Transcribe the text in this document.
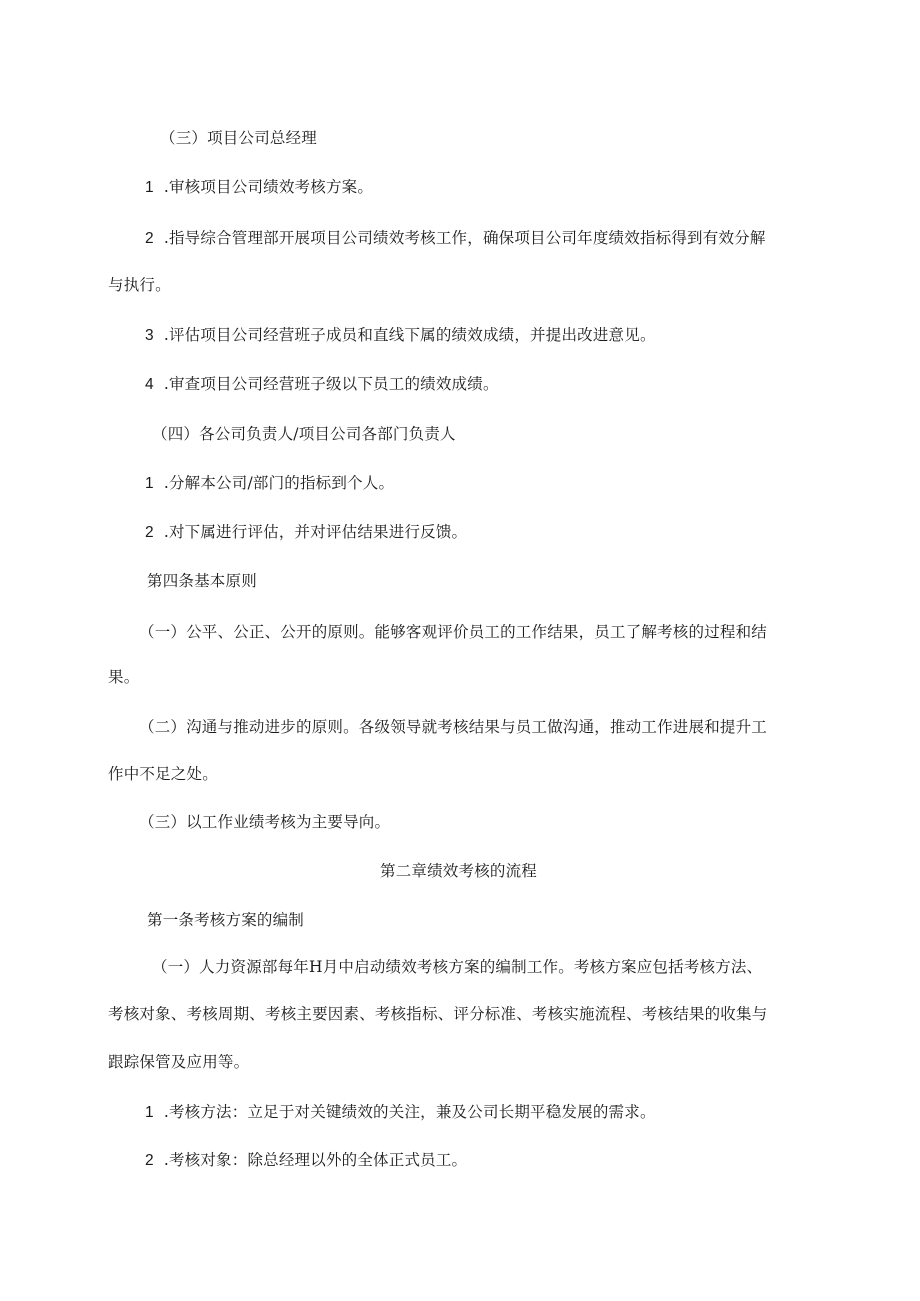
（三）项目公司总经理
1 .审核项目公司绩效考核方案。
2 .指导综合管理部开展项目公司绩效考核工作，确保项目公司年度绩效指标得到有效分解
与执行。
3 .评估项目公司经营班子成员和直线下属的绩效成绩，并提出改进意见。
4 .审查项目公司经营班子级以下员工的绩效成绩。
（四）各公司负责人/项目公司各部门负责人
1 .分解本公司/部门的指标到个人。
2 .对下属进行评估，并对评估结果进行反馈。
第四条基本原则
（一）公平、公正、公开的原则。能够客观评价员工的工作结果，员工了解考核的过程和结
果。
（二）沟通与推动进步的原则。各级领导就考核结果与员工做沟通，推动工作进展和提升工
作中不足之处。
（三）以工作业绩考核为主要导向。
第二章绩效考核的流程
第一条考核方案的编制
（一）人力资源部每年H月中启动绩效考核方案的编制工作。考核方案应包括考核方法、
考核对象、考核周期、考核主要因素、考核指标、评分标准、考核实施流程、考核结果的收集与
跟踪保管及应用等。
1 .考核方法：立足于对关键绩效的关注，兼及公司长期平稳发展的需求。
2 .考核对象：除总经理以外的全体正式员工。
